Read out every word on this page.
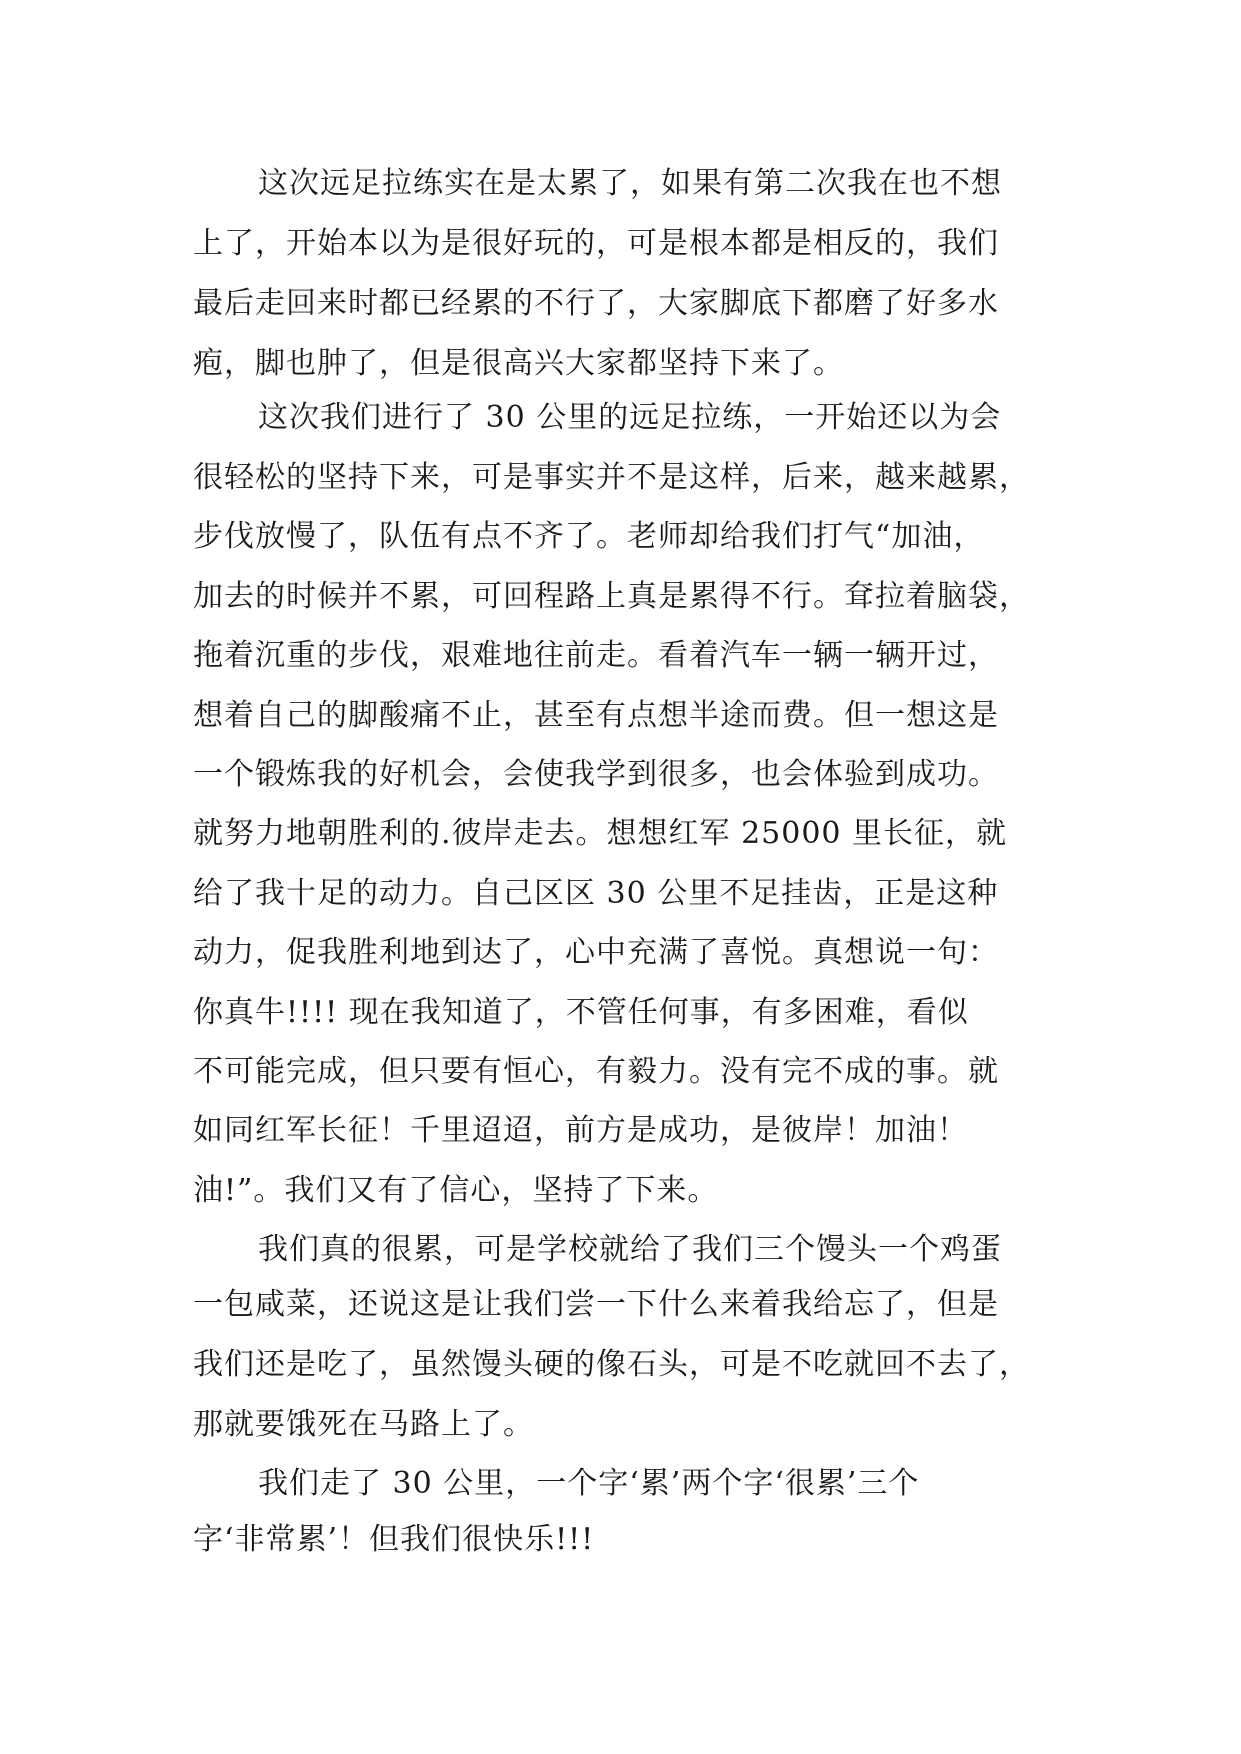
这次远足拉练实在是太累了，如果有第二次我在也不想

上了，开始本以为是很好玩的，可是根本都是相反的，我们

最后走回来时都已经累的不行了，大家脚底下都磨了好多水

疱，脚也肿了，但是很高兴大家都坚持下来了。

这次我们进行了 30 公里的远足拉练，一开始还以为会

很轻松的坚持下来，可是事实并不是这样，后来，越来越累，

步伐放慢了，队伍有点不齐了。老师却给我们打气“加油，

加去的时候并不累，可回程路上真是累得不行。耷拉着脑袋，

拖着沉重的步伐，艰难地往前走。看着汽车一辆一辆开过，

想着自己的脚酸痛不止，甚至有点想半途而费。但一想这是

一个锻炼我的好机会，会使我学到很多，也会体验到成功。

就努力地朝胜利的.彼岸走去。想想红军 25000 里长征，就

给了我十足的动力。自己区区 30 公里不足挂齿，正是这种

动力，促我胜利地到达了，心中充满了喜悦。真想说一句：

你真牛!!!! 现在我知道了，不管任何事，有多困难，看似

不可能完成，但只要有恒心，有毅力。没有完不成的事。就

如同红军长征！千里迢迢，前方是成功，是彼岸！加油！

油!”。我们又有了信心，坚持了下来。

我们真的很累，可是学校就给了我们三个馒头一个鸡蛋

一包咸菜，还说这是让我们尝一下什么来着我给忘了，但是

我们还是吃了，虽然馒头硬的像石头，可是不吃就回不去了，

那就要饿死在马路上了。

我们走了 30 公里，一个字‘累’两个字‘很累’三个

字‘非常累’！但我们很快乐!!!
